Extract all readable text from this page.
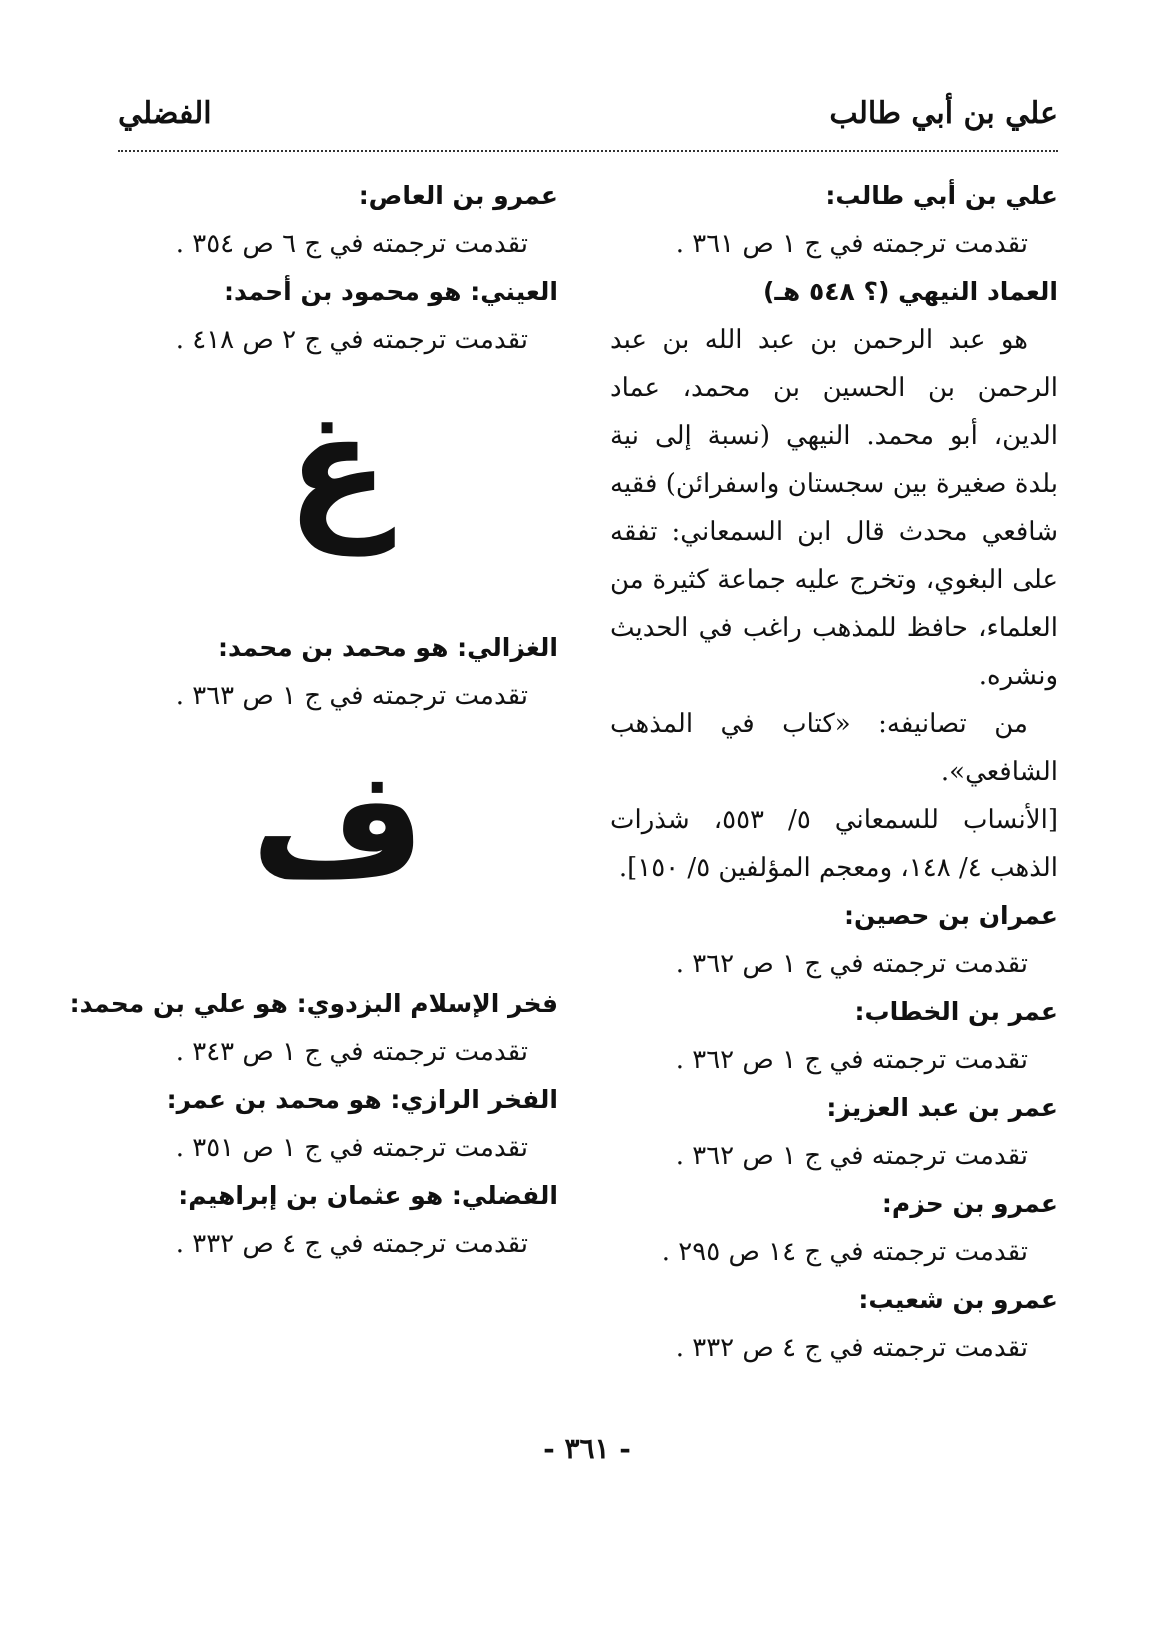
علي بن أبي طالب
الفضلي
علي بن أبي طالب:
تقدمت ترجمته في ج ١ ص ٣٦١ .
العماد النيهي (؟ ٥٤٨ هـ)
هو عبد الرحمن بن عبد الله بن عبد الرحمن بن الحسين بن محمد، عماد الدين، أبو محمد. النيهي (نسبة إلى نية بلدة صغيرة بين سجستان واسفرائن) فقيه شافعي محدث قال ابن السمعاني: تفقه على البغوي، وتخرج عليه جماعة كثيرة من العلماء، حافظ للمذهب راغب في الحديث ونشره.
من تصانيفه: «كتاب في المذهب الشافعي».
[الأنساب للسمعاني ٥/ ٥٥٣، شذرات الذهب ٤/ ١٤٨، ومعجم المؤلفين ٥/ ١٥٠].
عمران بن حصين:
تقدمت ترجمته في ج ١ ص ٣٦٢ .
عمر بن الخطاب:
تقدمت ترجمته في ج ١ ص ٣٦٢ .
عمر بن عبد العزيز:
تقدمت ترجمته في ج ١ ص ٣٦٢ .
عمرو بن حزم:
تقدمت ترجمته في ج ١٤ ص ٢٩٥ .
عمرو بن شعيب:
تقدمت ترجمته في ج ٤ ص ٣٣٢ .
عمرو بن العاص:
تقدمت ترجمته في ج ٦ ص ٣٥٤ .
العيني: هو محمود بن أحمد:
تقدمت ترجمته في ج ٢ ص ٤١٨ .
غ
الغزالي: هو محمد بن محمد:
تقدمت ترجمته في ج ١ ص ٣٦٣ .
ف
فخر الإسلام البزدوي: هو علي بن محمد:
تقدمت ترجمته في ج ١ ص ٣٤٣ .
الفخر الرازي: هو محمد بن عمر:
تقدمت ترجمته في ج ١ ص ٣٥١ .
الفضلي: هو عثمان بن إبراهيم:
تقدمت ترجمته في ج ٤ ص ٣٣٢ .
- ٣٦١ -
